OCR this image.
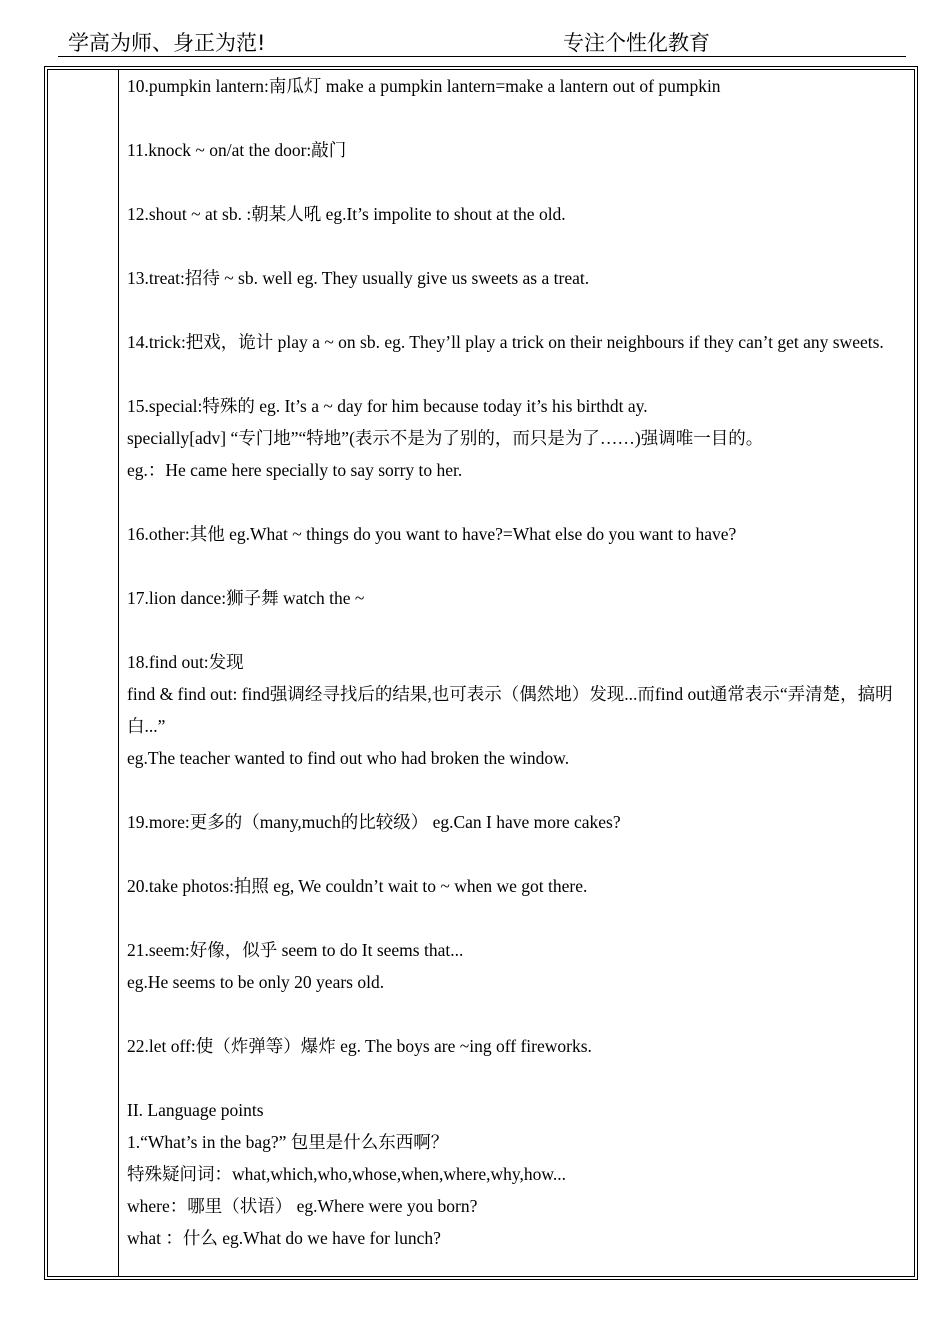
学高为师、身正为范!	专注个性化教育
10.pumpkin lantern:南瓜灯 make a pumpkin lantern=make a lantern out of pumpkin
11.knock ~ on/at the door:敲门
12.shout ~ at sb. :朝某人吼 eg.It’s impolite to shout at the old.
13.treat:招待 ~ sb. well eg. They usually give us sweets as a treat.
14.trick:把戏，诡计 play a ~ on sb. eg. They’ll play a trick on their neighbours if they can’t get any sweets.
15.special:特殊的 eg. It’s a ~ day for him because today it’s his birthdt ay.
specially[adv] “专门地”“特地”(表示不是为了别的，而只是为了……)强调唯一目的。
eg.：He came here specially to say sorry to her.
16.other:其他 eg.What ~ things do you want to have?=What else do you want to have?
17.lion dance:狮子舞 watch the ~
18.find out:发现
find & find out: find强调经寻找后的结果,也可表示（偶然地）发现...而find out通常表示“弄清楚，搞明白...”
eg.The teacher wanted to find out who had broken the window.
19.more:更多的（many,much的比较级） eg.Can I have more cakes?
20.take photos:拍照 eg, We couldn’t wait to ~ when we got there.
21.seem:好像，似乎 seem to do It seems that...
eg.He seems to be only 20 years old.
22.let off:使（炸弹等）爆炸 eg. The boys are ~ing off fireworks.
II. Language points
1.“What’s in the bag?” 包里是什么东西啊？
特殊疑问词：what,which,who,whose,when,where,why,how...
where：哪里（状语） eg.Where were you born?
what ：什么 eg.What do we have for lunch?
